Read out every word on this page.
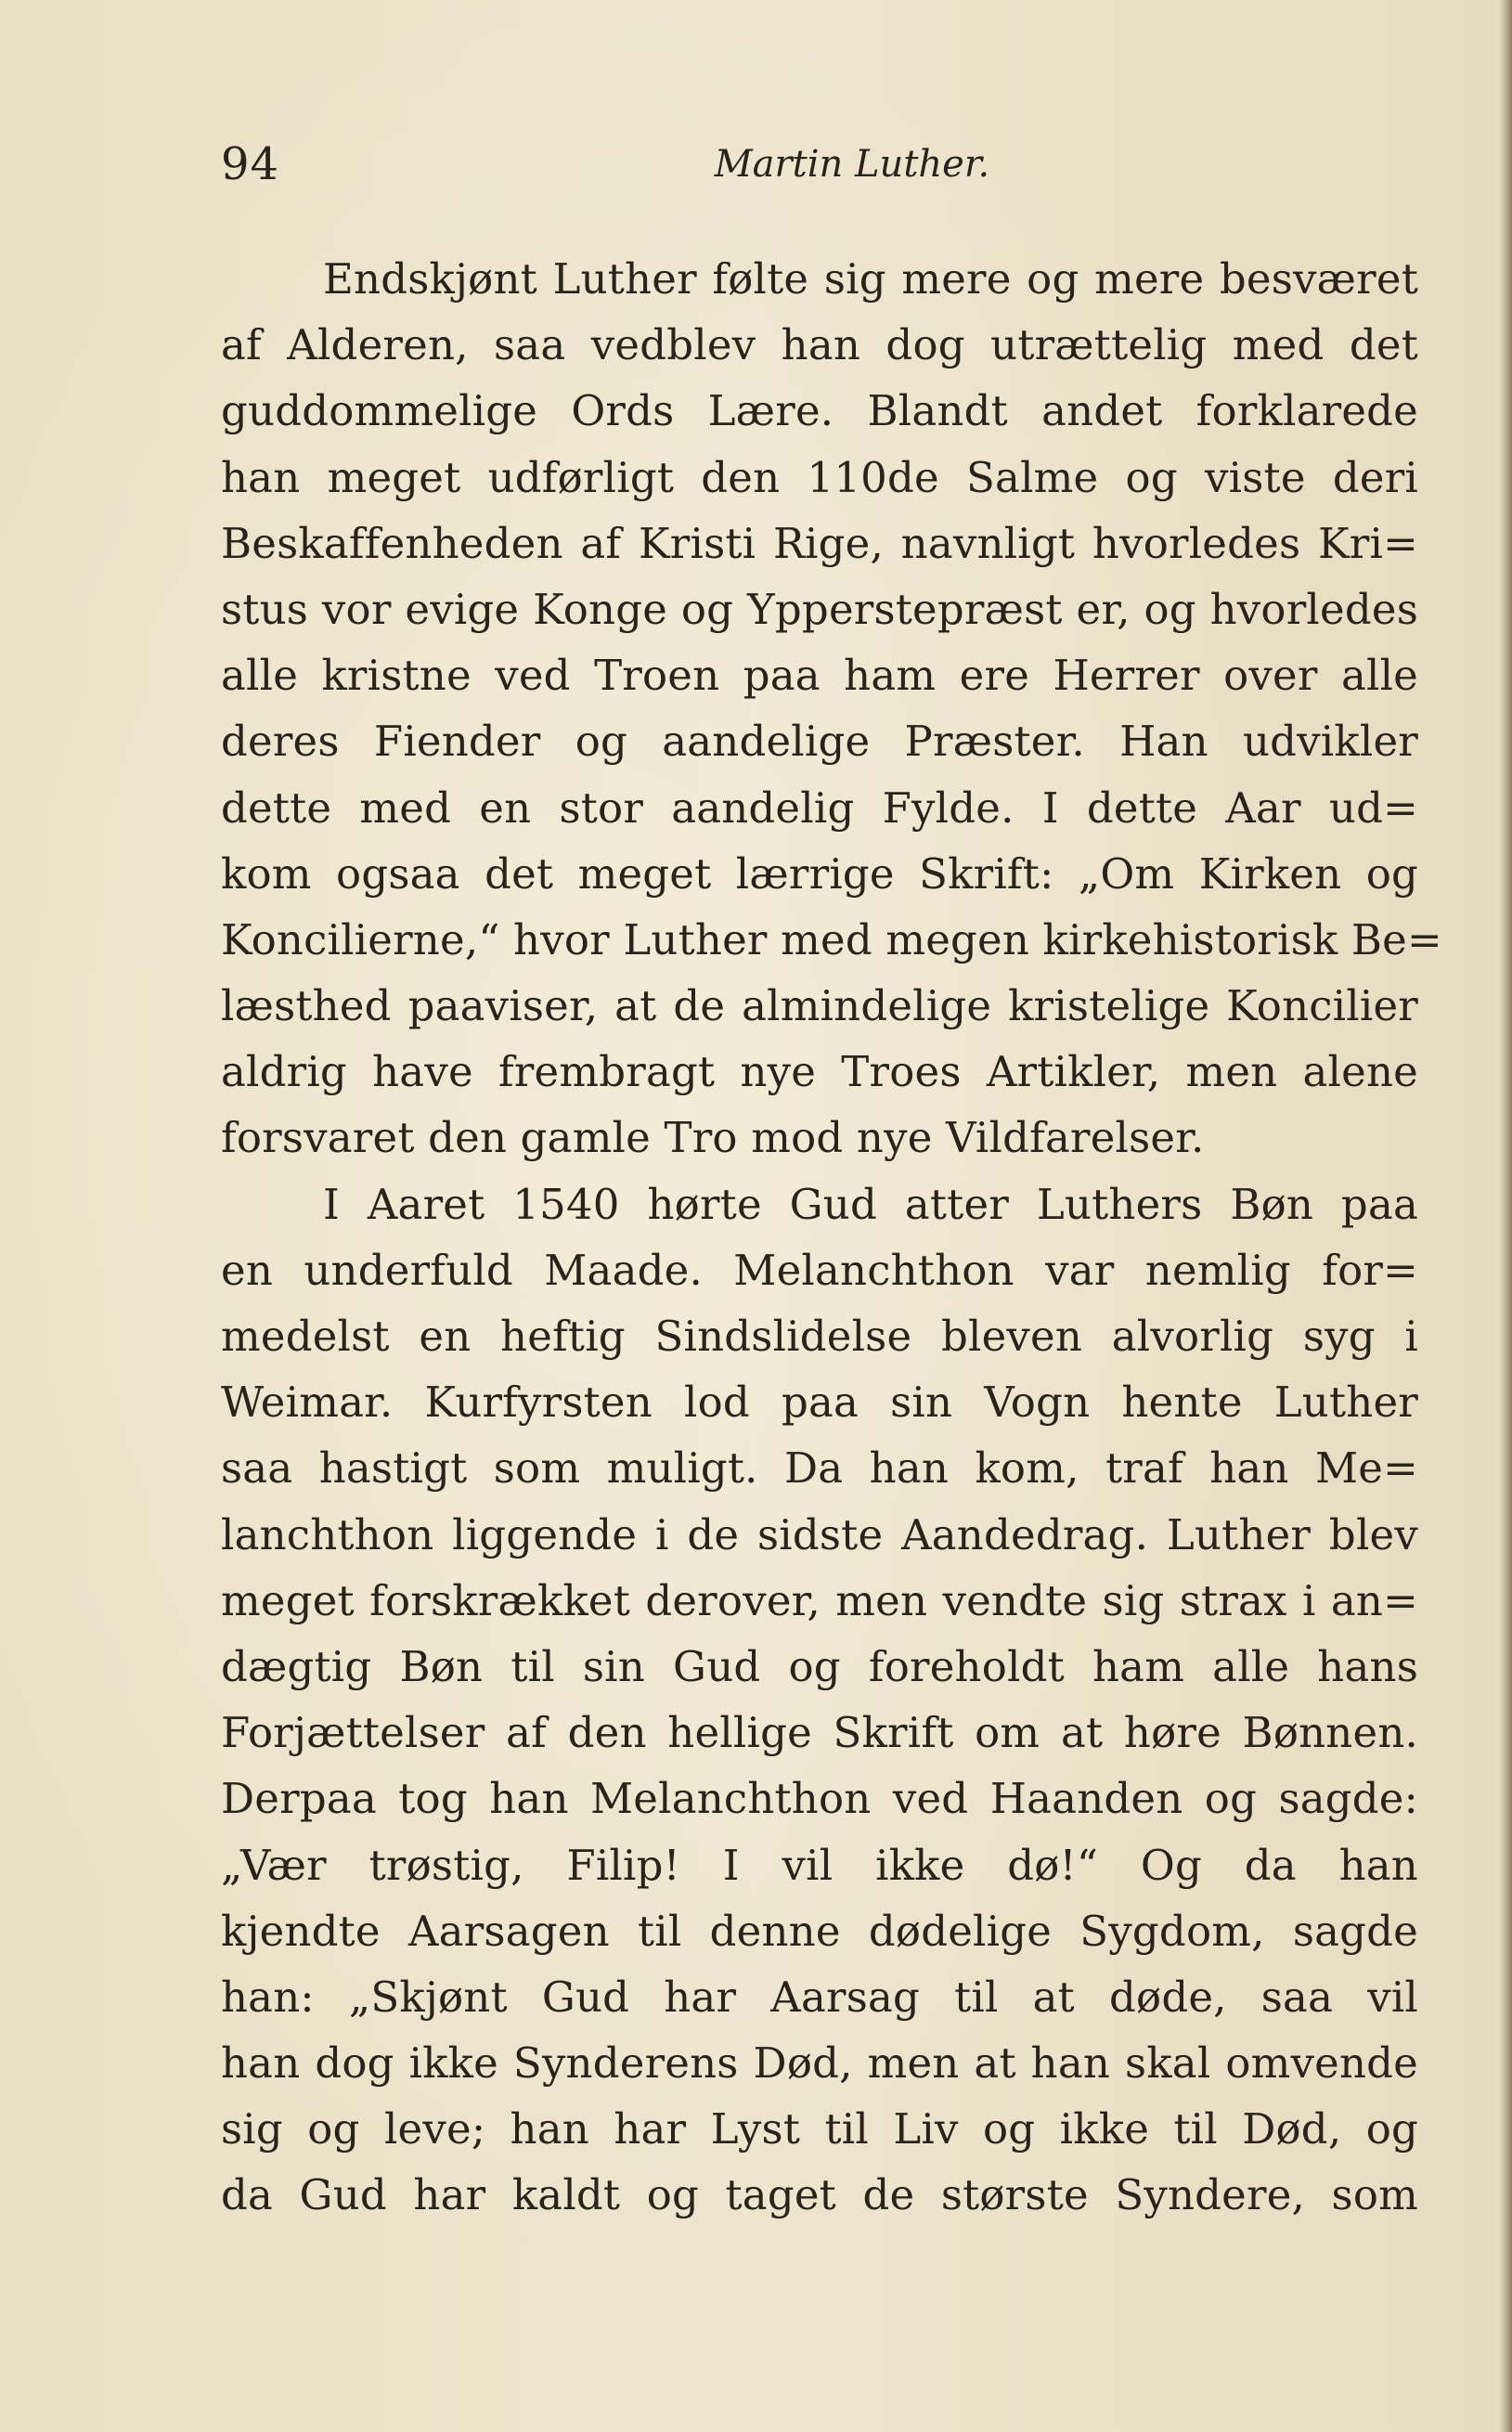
94	Martin Luther.
Endskjønt Luther følte sig mere og mere besværet
af Alderen, saa vedblev han dog utrættelig med det
guddommelige Ords Lære. Blandt andet forklarede
han meget udførligt den 110de Salme og viste deri
Beskaffenheden af Kristi Rige, navnligt hvorledes Kri=
stus vor evige Konge og Ypperstepræst er, og hvorledes
alle kristne ved Troen paa ham ere Herrer over alle
deres Fiender og aandelige Præster. Han udvikler
dette med en stor aandelig Fylde. I dette Aar ud=
kom ogsaa det meget lærrige Skrift: „Om Kirken og
Koncilierne,“ hvor Luther med megen kirkehistorisk Be=
læsthed paaviser, at de almindelige kristelige Koncilier
aldrig have frembragt nye Troes Artikler, men alene
forsvaret den gamle Tro mod nye Vildfarelser.
I Aaret 1540 hørte Gud atter Luthers Bøn paa
en underfuld Maade. Melanchthon var nemlig for=
medelst en heftig Sindslidelse bleven alvorlig syg i
Weimar. Kurfyrsten lod paa sin Vogn hente Luther
saa hastigt som muligt. Da han kom, traf han Me=
lanchthon liggende i de sidste Aandedrag. Luther blev
meget forskrækket derover, men vendte sig strax i an=
dægtig Bøn til sin Gud og foreholdt ham alle hans
Forjættelser af den hellige Skrift om at høre Bønnen.
Derpaa tog han Melanchthon ved Haanden og sagde:
„Vær trøstig, Filip! I vil ikke dø!“ Og da han
kjendte Aarsagen til denne dødelige Sygdom, sagde
han: „Skjønt Gud har Aarsag til at døde, saa vil
han dog ikke Synderens Død, men at han skal omvende
sig og leve; han har Lyst til Liv og ikke til Død, og
da Gud har kaldt og taget de største Syndere, som
